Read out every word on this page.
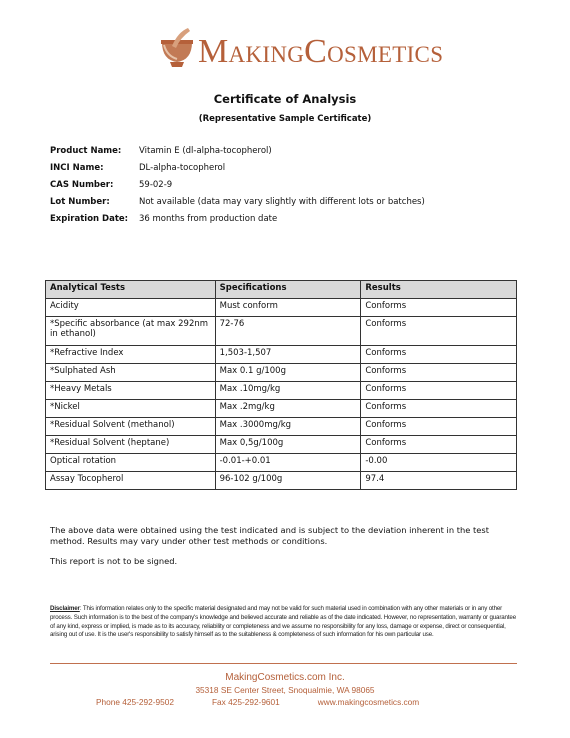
MAKINGCOSMETICS
Certificate of Analysis
(Representative Sample Certificate)
Product Name:	Vitamin E (dl-alpha-tocopherol)
INCI Name:	DL-alpha-tocopherol
CAS Number:	59-02-9
Lot Number:	Not available (data may vary slightly with different lots or batches)
Expiration Date:	36 months from production date
Analytical Tests	Specifications	Results
Acidity	Must conform	Conforms
*Specific absorbance (at max 292nm in ethanol)	72-76	Conforms
*Refractive Index	1,503-1,507	Conforms
*Sulphated Ash	Max 0.1 g/100g	Conforms
*Heavy Metals	Max .10mg/kg	Conforms
*Nickel	Max .2mg/kg	Conforms
*Residual Solvent (methanol)	Max .3000mg/kg	Conforms
*Residual Solvent (heptane)	Max 0,5g/100g	Conforms
Optical rotation	-0.01-+0.01	-0.00
Assay Tocopherol	96-102 g/100g	97.4
The above data were obtained using the test indicated and is subject to the deviation inherent in the test method. Results may vary under other test methods or conditions.
This report is not to be signed.
Disclaimer: This information relates only to the specific material designated and may not be valid for such material used in combination with any other materials or in any other process. Such information is to the best of the company's knowledge and believed accurate and reliable as of the date indicated. However, no representation, warranty or guarantee of any kind, express or implied, is made as to its accuracy, reliability or completeness and we assume no responsibility for any loss, damage or expense, direct or consequential, arising out of use. It is the user's responsibility to satisfy himself as to the suitableness & completeness of such information for his own particular use.
MakingCosmetics.com Inc.
35318 SE Center Street, Snoqualmie, WA 98065
Phone 425-292-9502	Fax 425-292-9601	www.makingcosmetics.com
